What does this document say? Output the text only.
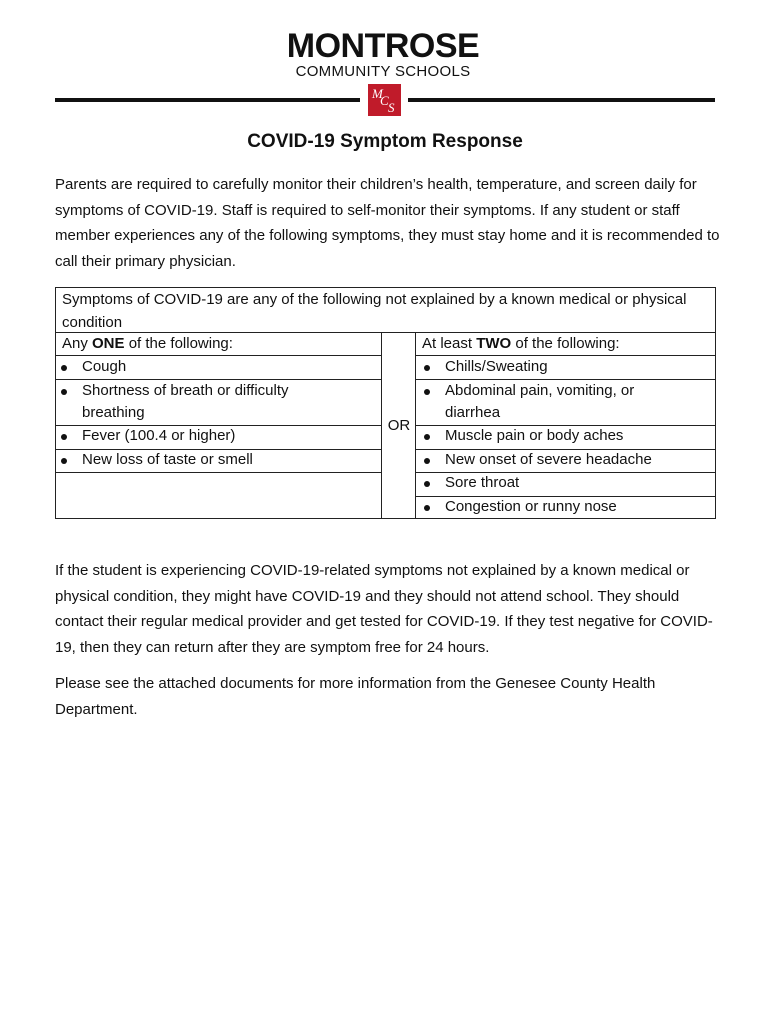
MONTROSE
COMMUNITY SCHOOLS
M
C S
COVID-19 Symptom Response

Parents are required to carefully monitor their children’s health, temperature, and screen daily for symptoms of COVID-19. Staff is required to self-monitor their symptoms. If any student or staff member experiences any of the following symptoms, they must stay home and it is recommended to call their primary physician.

Symptoms of COVID-19 are any of the following not explained by a known medical or physical condition
OR
Any ONE of the following:
Cough
Shortness of breath or difficulty
breathing
Fever (100.4 or higher)
New loss of taste or smell
At least TWO of the following:
Chills/Sweating
Abdominal pain, vomiting, or
diarrhea
Muscle pain or body aches
New onset of severe headache
Sore throat
Congestion or runny nose

If the student is experiencing COVID-19-related symptoms not explained by a known medical or physical condition, they might have COVID-19 and they should not attend school. They should contact their regular medical provider and get tested for COVID-19. If they test negative for COVID-19, then they can return after they are symptom free for 24 hours.

Please see the attached documents for more information from the Genesee County Health Department.
